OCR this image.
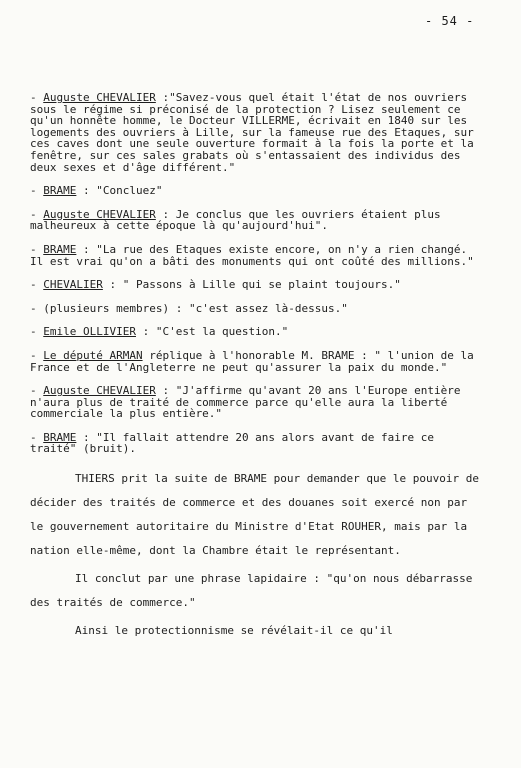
- 54 -

- Auguste CHEVALIER :"Savez-vous quel était l'état de nos ouvriers sous le régime si préconisé de la protection ? Lisez seulement ce qu'un honnête homme, le Docteur VILLERME, écrivait en 1840 sur les logements des ouvriers à Lille, sur la fameuse rue des Etaques, sur ces caves dont une seule ouverture formait à la fois la porte et la fenêtre, sur ces sales grabats où s'entassaient des individus des deux sexes et d'âge différent."

- BRAME : "Concluez"

- Auguste CHEVALIER : Je conclus que les ouvriers étaient plus malheureux à cette époque là qu'aujourd'hui".

- BRAME : "La rue des Etaques existe encore, on n'y a rien changé. Il est vrai qu'on a bâti des monuments qui ont coûté des millions."

- CHEVALIER : " Passons à Lille qui se plaint toujours."

- (plusieurs membres) : "c'est assez là-dessus."

- Emile OLLIVIER : "C'est la question."

- Le député ARMAN réplique à l'honorable M. BRAME : " l'union de la France et de l'Angleterre ne peut qu'assurer la paix du monde."

- Auguste CHEVALIER : "J'affirme qu'avant 20 ans l'Europe entière n'aura plus de traité de commerce parce qu'elle aura la liberté commerciale la plus entière."

- BRAME : "Il fallait attendre 20 ans alors avant de faire ce traité" (bruit).

THIERS prit la suite de BRAME pour demander que le pouvoir de décider des traités de commerce et des douanes soit exercé non par le gouvernement autoritaire du Ministre d'Etat ROUHER, mais par la nation elle-même, dont la Chambre était le représentant.

Il conclut par une phrase lapidaire : "qu'on nous débarrasse des traités de commerce."

Ainsi le protectionnisme se révélait-il ce qu'il
